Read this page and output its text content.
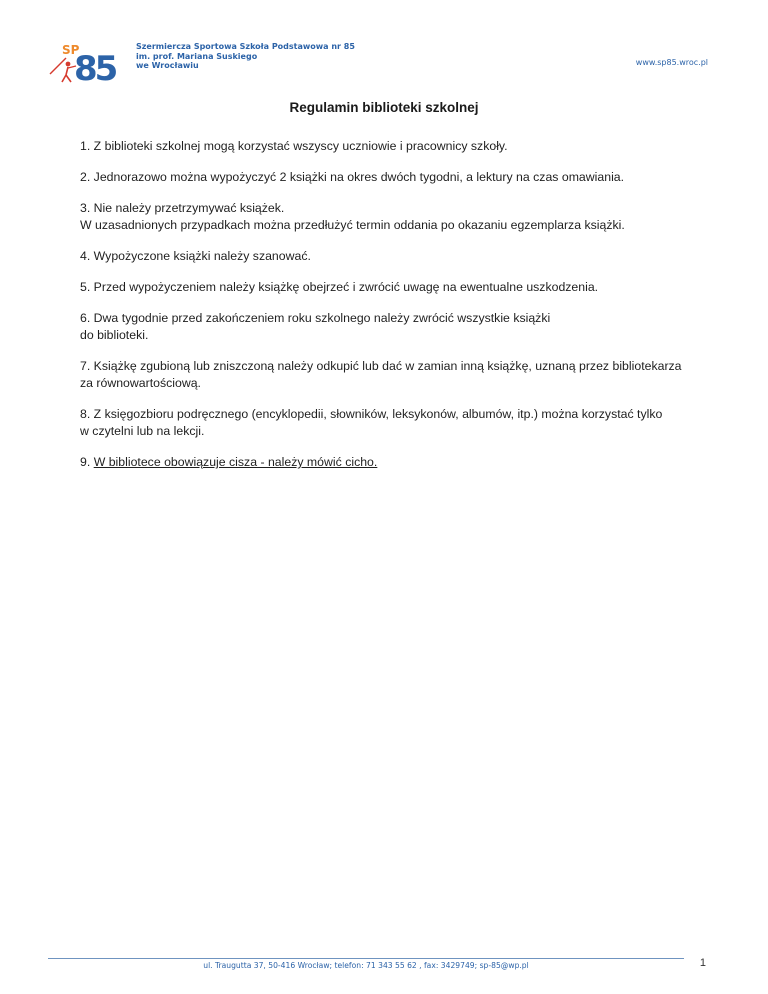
SP
85
Szermiercza Sportowa Szkoła Podstawowa nr 85
im. prof. Mariana Suskiego
we Wrocławiu	www.sp85.wroc.pl
Regulamin biblioteki szkolnej

1. Z biblioteki szkolnej mogą korzystać wszyscy uczniowie i pracownicy szkoły.

2. Jednorazowo można wypożyczyć 2 książki na okres dwóch tygodni, a lektury na czas omawiania.

3. Nie należy przetrzymywać książek.
W uzasadnionych przypadkach można przedłużyć termin oddania po okazaniu egzemplarza książki.

4. Wypożyczone książki należy szanować.

5. Przed wypożyczeniem należy książkę obejrzeć i zwrócić uwagę na ewentualne uszkodzenia.

6. Dwa tygodnie przed zakończeniem roku szkolnego należy zwrócić wszystkie książki
do biblioteki.

7. Książkę zgubioną lub zniszczoną należy odkupić lub dać w zamian inną książkę, uznaną przez bibliotekarza
za równowartościową.

8. Z księgozbioru podręcznego (encyklopedii, słowników, leksykonów, albumów, itp.) można korzystać tylko
w czytelni lub na lekcji.

9. W bibliotece obowiązuje cisza - należy mówić cicho.

ul. Traugutta 37, 50-416 Wrocław; telefon: 71 343 55 62 , fax: 3429749; sp-85@wp.pl	1
